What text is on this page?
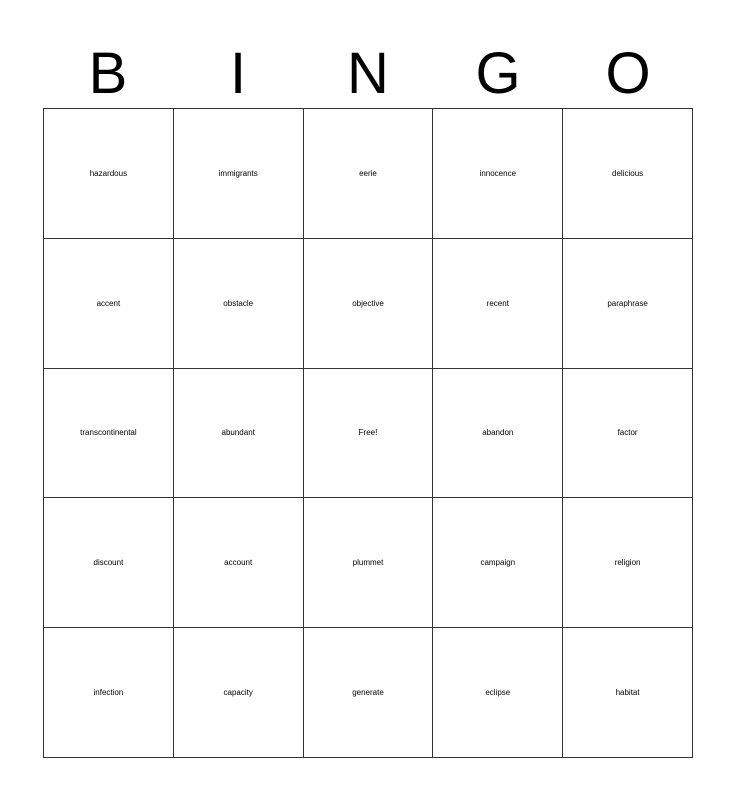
B	I	N	G	O
hazardous	immigrants	eerie	innocence	delicious
accent	obstacle	objective	recent	paraphrase
transcontinental	abundant	Free!	abandon	factor
discount	account	plummet	campaign	religion
infection	capacity	generate	eclipse	habitat
